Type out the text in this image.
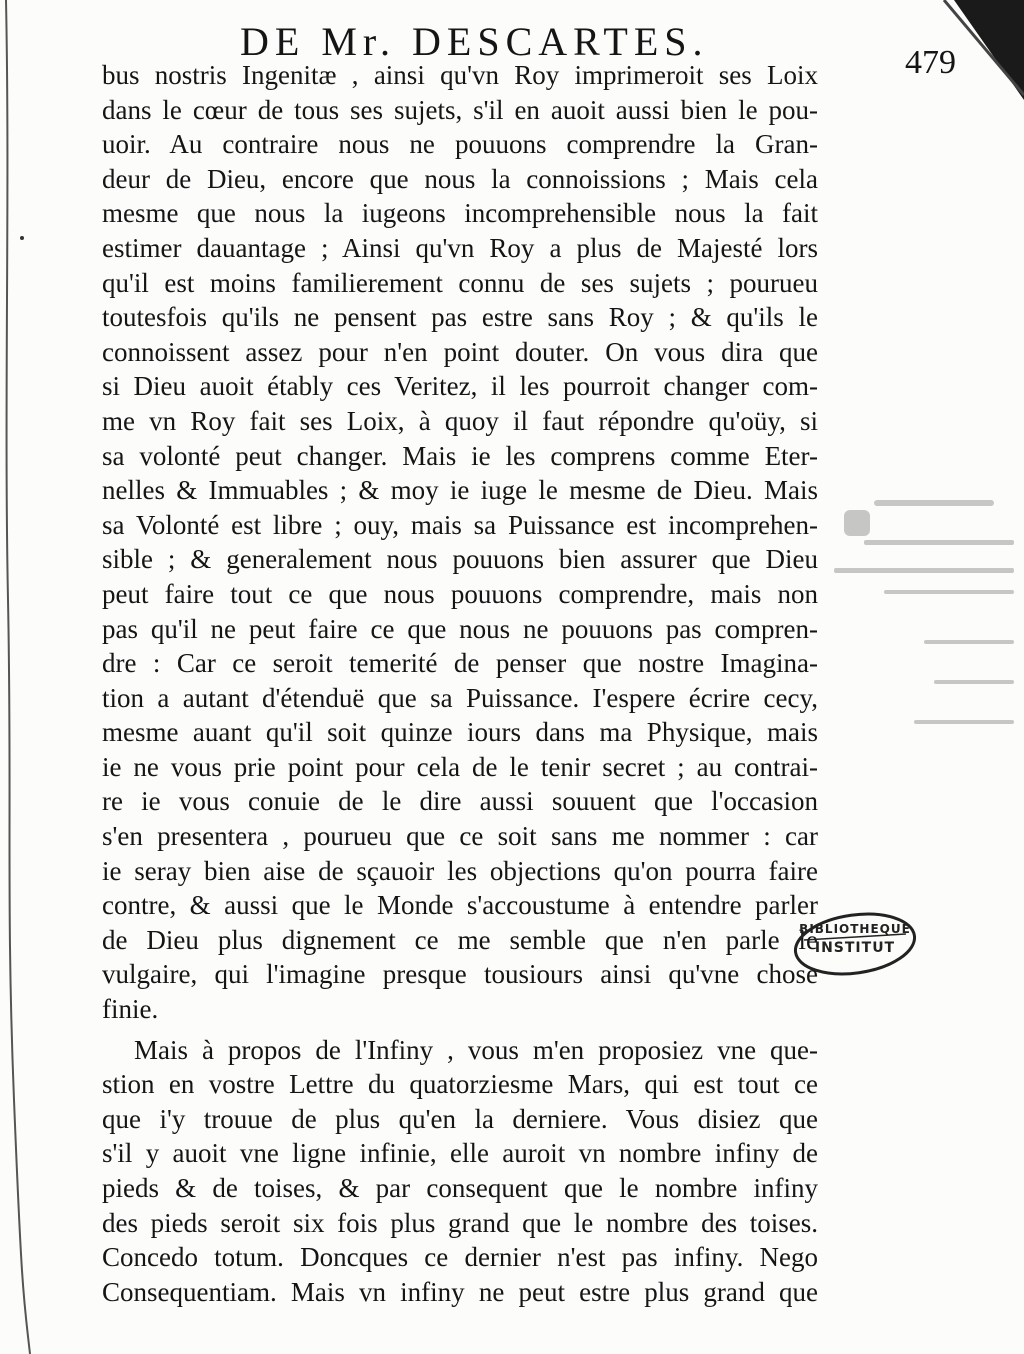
DE Mr. DESCARTES.	479
bus nostris Ingenitæ , ainsi qu'vn Roy imprimeroit ses Loix
dans le cœur de tous ses sujets, s'il en auoit aussi bien le pou-
uoir. Au contraire nous ne pouuons comprendre la Gran-
deur de Dieu, encore que nous la connoissions ; Mais cela
mesme que nous la iugeons incomprehensible nous la fait
estimer dauantage ; Ainsi qu'vn Roy a plus de Majesté lors
qu'il est moins familierement connu de ses sujets ; pourueu
toutesfois qu'ils ne pensent pas estre sans Roy ; & qu'ils le
connoissent assez pour n'en point douter. On vous dira que
si Dieu auoit étably ces Veritez, il les pourroit changer com-
me vn Roy fait ses Loix, à quoy il faut répondre qu'oüy, si
sa volonté peut changer. Mais ie les comprens comme Eter-
nelles & Immuables ; & moy ie iuge le mesme de Dieu. Mais
sa Volonté est libre ; ouy, mais sa Puissance est incomprehen-
sible ; & generalement nous pouuons bien assurer que Dieu
peut faire tout ce que nous pouuons comprendre, mais non
pas qu'il ne peut faire ce que nous ne pouuons pas compren-
dre : Car ce seroit temerité de penser que nostre Imagina-
tion a autant d'étenduë que sa Puissance. I'espere écrire cecy,
mesme auant qu'il soit quinze iours dans ma Physique, mais
ie ne vous prie point pour cela de le tenir secret ; au contrai-
re ie vous conuie de le dire aussi souuent que l'occasion
s'en presentera , pourueu que ce soit sans me nommer : car
ie seray bien aise de sçauoir les objections qu'on pourra faire
contre, & aussi que le Monde s'accoustume à entendre parler
de Dieu plus dignement ce me semble que n'en parle le
vulgaire, qui l'imagine presque tousiours ainsi qu'vne chose
finie.
Mais à propos de l'Infiny , vous m'en proposiez vne que-
stion en vostre Lettre du quatorziesme Mars, qui est tout ce
que i'y trouue de plus qu'en la derniere. Vous disiez que
s'il y auoit vne ligne infinie, elle auroit vn nombre infiny de
pieds & de toises, & par consequent que le nombre infiny
des pieds seroit six fois plus grand que le nombre des toises.
Concedo totum. Doncques ce dernier n'est pas infiny. Nego
Consequentiam. Mais vn infiny ne peut estre plus grand que
BIBLIOTHEQUE
INSTITUT
